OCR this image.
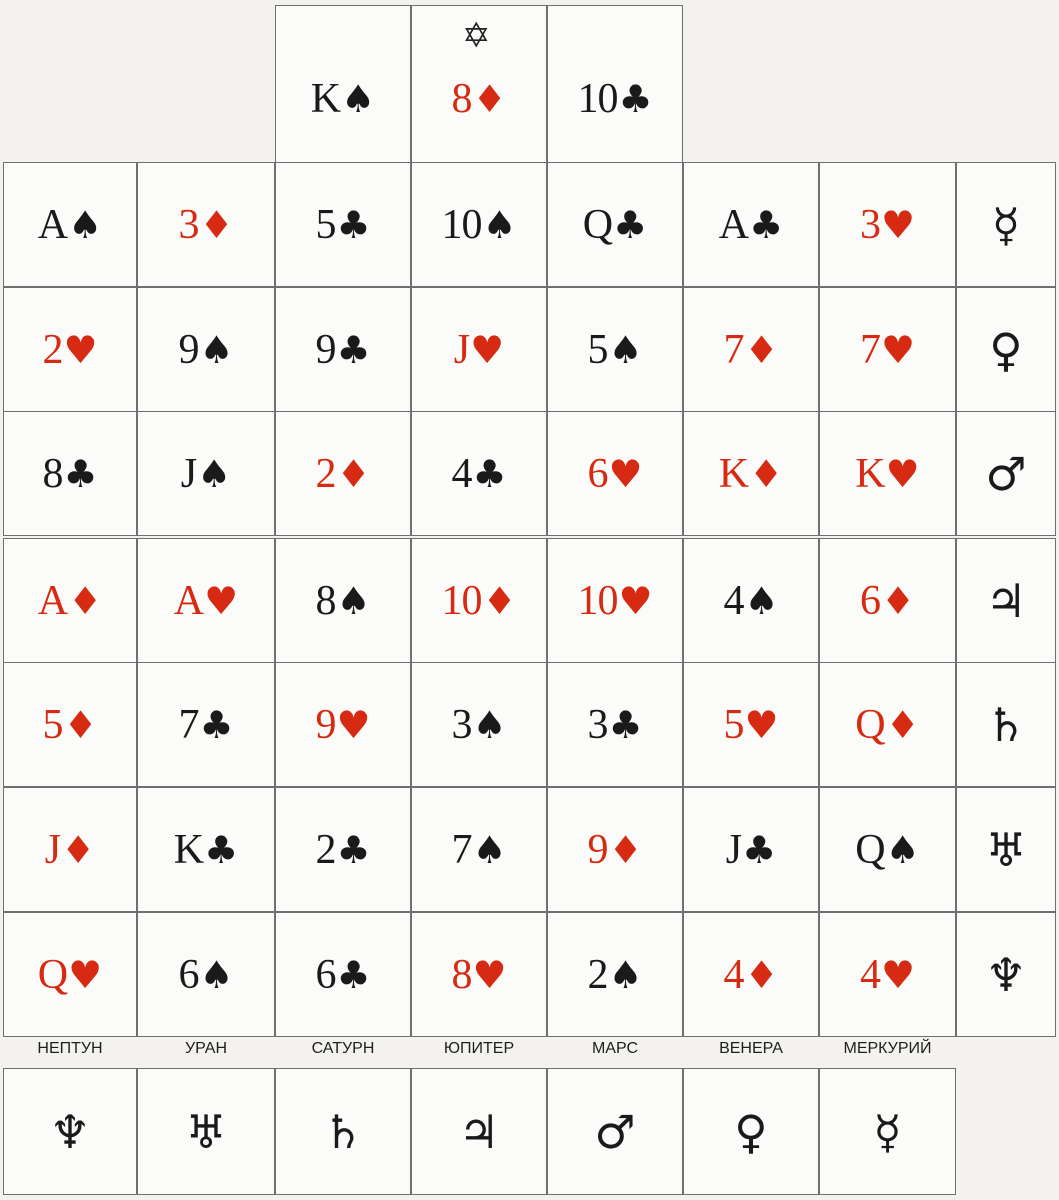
K ♠ 8 ♦ 10 ♣
✡
A ♠ 3 ♦ 5 ♣ 10 ♠ Q ♣ A ♣ 3 ♥ ☿
2 ♥ 9 ♠ 9 ♣ J ♥ 5 ♠ 7 ♦ 7 ♥ ♀
8 ♣ J ♠ 2 ♦ 4 ♣ 6 ♥ K ♦ K ♥ ♂
A ♦ A ♥ 8 ♠ 10 ♦ 10 ♥ 4 ♠ 6 ♦ ♃
5 ♦ 7 ♣ 9 ♥ 3 ♠ 3 ♣ 5 ♥ Q ♦ ♄
J ♦ K ♣ 2 ♣ 7 ♠ 9 ♦ J ♣ Q ♠ ♅
Q ♥ 6 ♠ 6 ♣ 8 ♥ 2 ♠ 4 ♦ 4 ♥ ♆
НЕПТУН	УРАН	САТУРН	ЮПИТЕР	МАРС	ВЕНЕРА	МЕРКУРИЙ
♆ ♅ ♄ ♃ ♂ ♀ ☿
